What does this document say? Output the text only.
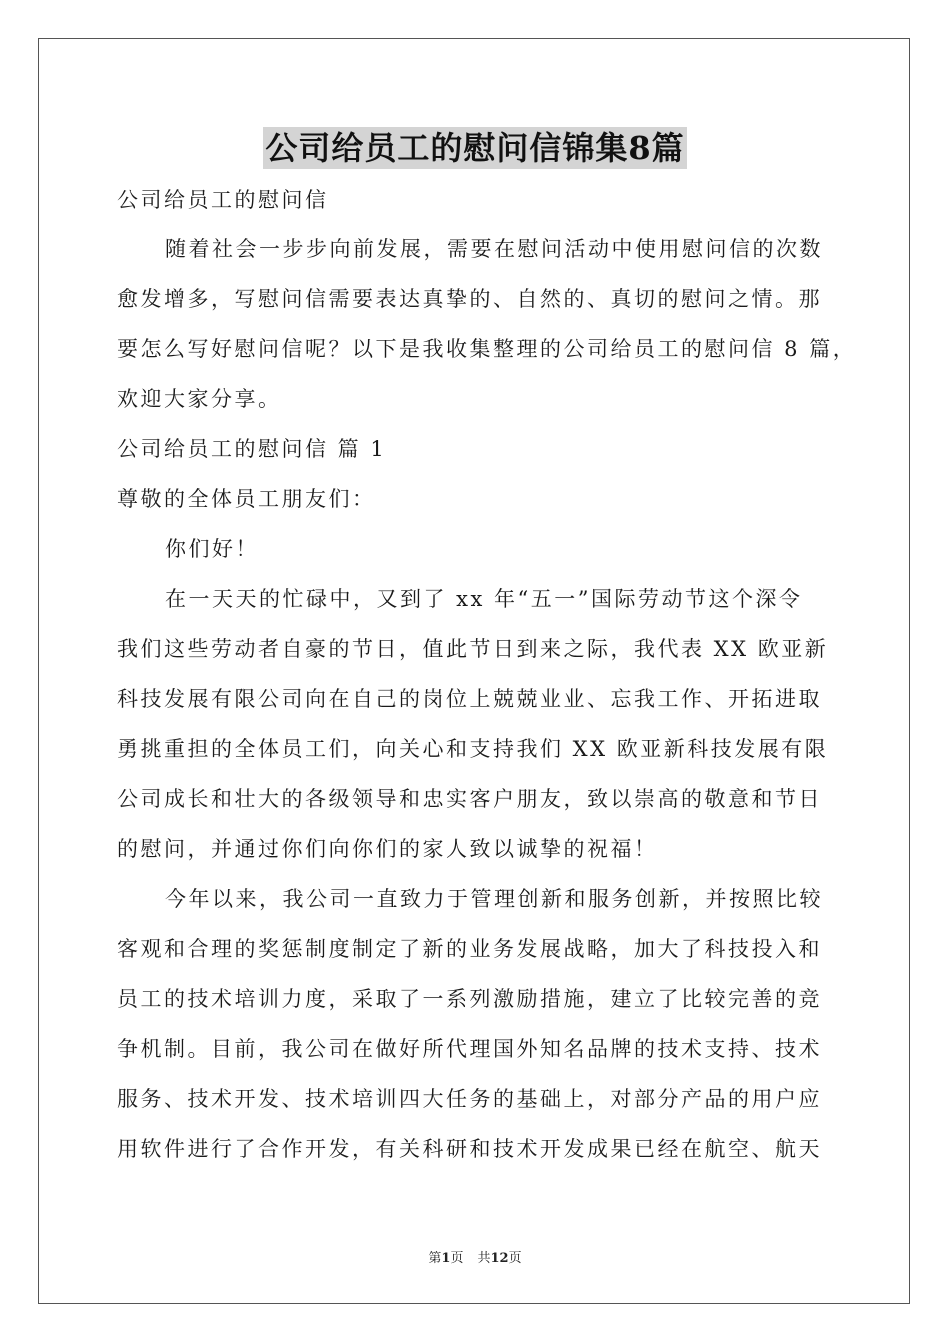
公司给员工的慰问信锦集8篇
公司给员工的慰问信
随着社会一步步向前发展，需要在慰问活动中使用慰问信的次数
愈发增多，写慰问信需要表达真挚的、自然的、真切的慰问之情。那
要怎么写好慰问信呢？以下是我收集整理的公司给员工的慰问信 8 篇，
欢迎大家分享。
公司给员工的慰问信 篇 1
尊敬的全体员工朋友们：
你们好！
在一天天的忙碌中，又到了 xx 年“五一”国际劳动节这个深令
我们这些劳动者自豪的节日，值此节日到来之际，我代表 XX 欧亚新
科技发展有限公司向在自己的岗位上兢兢业业、忘我工作、开拓进取
勇挑重担的全体员工们，向关心和支持我们 XX 欧亚新科技发展有限
公司成长和壮大的各级领导和忠实客户朋友，致以崇高的敬意和节日
的慰问，并通过你们向你们的家人致以诚挚的祝福！
今年以来，我公司一直致力于管理创新和服务创新，并按照比较
客观和合理的奖惩制度制定了新的业务发展战略，加大了科技投入和
员工的技术培训力度，采取了一系列激励措施，建立了比较完善的竞
争机制。目前，我公司在做好所代理国外知名品牌的技术支持、技术
服务、技术开发、技术培训四大任务的基础上，对部分产品的用户应
用软件进行了合作开发，有关科研和技术开发成果已经在航空、航天
第1页 共12页
